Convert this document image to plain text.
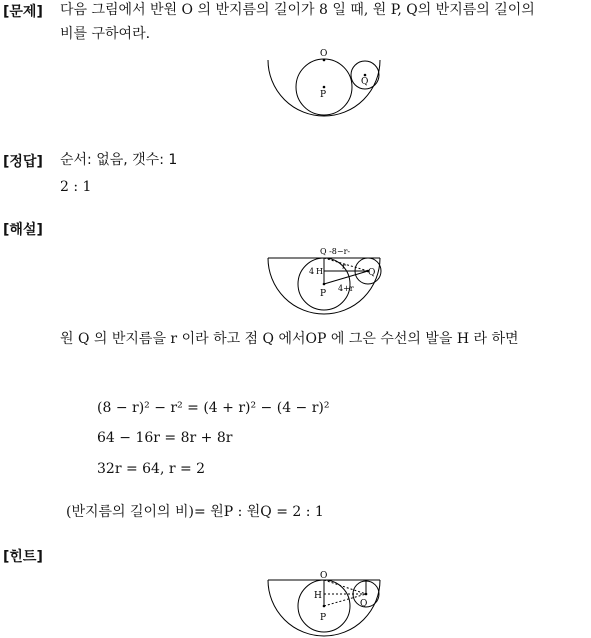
[문제] 다음 그림에서 반원 O 의 반지름의 길이가 8 일 때, 원 P, Q의 반지름의 길이의
비를 구하여라.
O
P
Q
[정답] 순서: 없음, 갯수: 1
2 : 1
[해설]
Q -8−r-
4 H
r
Q
P
4+r
원 Q 의 반지름을 r 이라 하고 점 Q 에서OP 에 그은 수선의 발을 H 라 하면
(8 − r)² − r² = (4 + r)² − (4 − r)²
64 − 16r = 8r + 8r
32r = 64, r = 2
(반지름의 길이의 비)= 원P : 원Q = 2 : 1
[힌트]
O
H
Q
P
